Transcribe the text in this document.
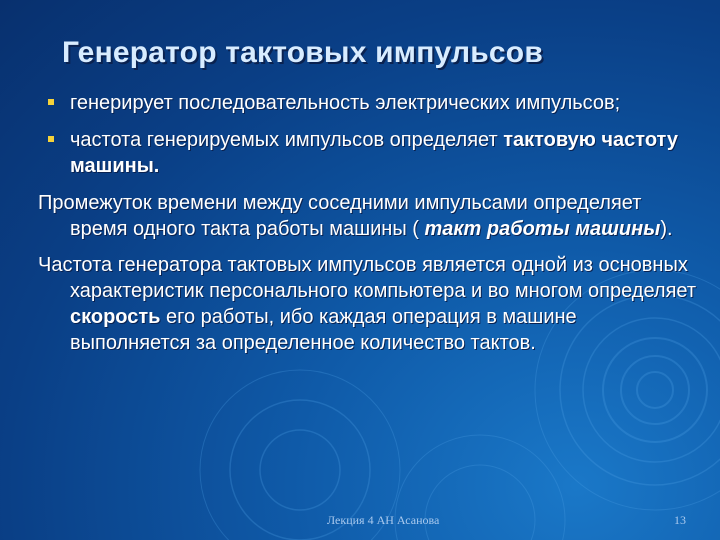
Генератор тактовых импульсов
генерирует последовательность электрических импульсов;
частота генерируемых импульсов определяет тактовую частоту машины.
Промежуток времени между соседними импульсами определяет время одного такта работы машины ( такт работы машины).
Частота генератора тактовых импульсов является одной из основных характеристик персонального компьютера и во многом определяет скорость его работы, ибо каждая операция в машине выполняется за определенное количество тактов.
Лекция 4 АН Асанова	13
